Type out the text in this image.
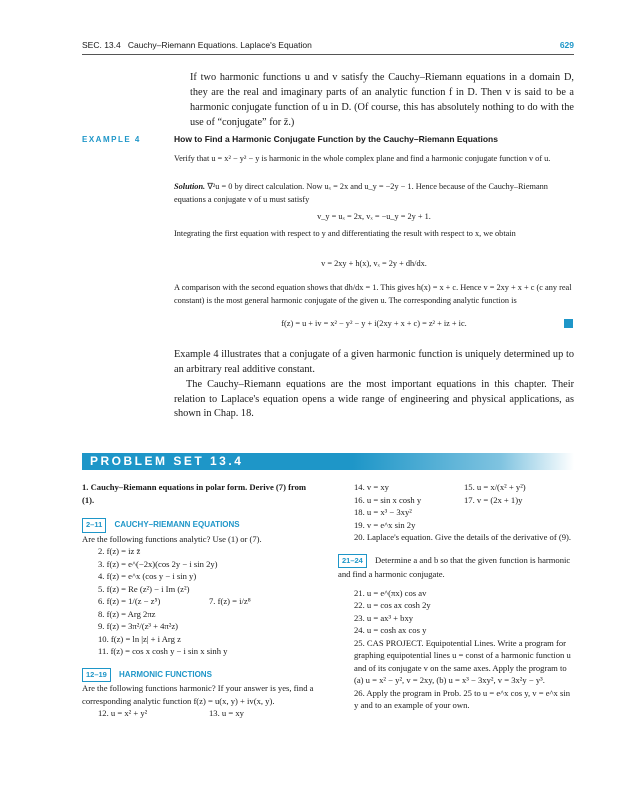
SEC. 13.4 Cauchy–Riemann Equations. Laplace's Equation	629
If two harmonic functions u and v satisfy the Cauchy–Riemann equations in a domain D, they are the real and imaginary parts of an analytic function f in D. Then v is said to be a harmonic conjugate function of u in D. (Of course, this has absolutely nothing to do with the use of “conjugate” for z̄.)
EXAMPLE 4	How to Find a Harmonic Conjugate Function by the Cauchy–Riemann Equations
Verify that u = x² − y² − y is harmonic in the whole complex plane and find a harmonic conjugate function v of u.
Solution. ∇²u = 0 by direct calculation. Now uₓ = 2x and u_y = −2y − 1. Hence because of the Cauchy–Riemann equations a conjugate v of u must satisfy
v_y = uₓ = 2x, vₓ = −u_y = 2y + 1.
Integrating the first equation with respect to y and differentiating the result with respect to x, we obtain
v = 2xy + h(x), vₓ = 2y + dh/dx.
A comparison with the second equation shows that dh/dx = 1. This gives h(x) = x + c. Hence v = 2xy + x + c (c any real constant) is the most general harmonic conjugate of the given u. The corresponding analytic function is
f(z) = u + iv = x² − y² − y + i(2xy + x + c) = z² + iz + ic.
Example 4 illustrates that a conjugate of a given harmonic function is uniquely determined up to an arbitrary real additive constant.
The Cauchy–Riemann equations are the most important equations in this chapter. Their relation to Laplace's equation opens a wide range of engineering and physical applications, as shown in Chap. 18.
PROBLEM SET 13.4
1. Cauchy–Riemann equations in polar form. Derive (7) from (1).
2–11 CAUCHY–RIEMANN EQUATIONS
Are the following functions analytic? Use (1) or (7).
2. f(z) = iz z̄
3. f(z) = e^(−2x)(cos 2y − i sin 2y)
4. f(z) = e^x (cos y − i sin y)
5. f(z) = Re (z²) − i Im (z²)
6. f(z) = 1/(z − z⁵)	7. f(z) = i/z⁸
8. f(z) = Arg 2πz
9. f(z) = 3π²/(z³ + 4π²z)
10. f(z) = ln |z| + i Arg z
11. f(z) = cos x cosh y − i sin x sinh y
12–19 HARMONIC FUNCTIONS
Are the following functions harmonic? If your answer is yes, find a corresponding analytic function f(z) = u(x, y) + iv(x, y).
12. u = x² + y²	13. u = xy
14. v = xy	15. u = x/(x² + y²)
16. u = sin x cosh y	17. v = (2x + 1)y
18. u = x³ − 3xy²
19. v = e^x sin 2y
20. Laplace's equation. Give the details of the derivative of (9).
21–24 Determine a and b so that the given function is harmonic and find a harmonic conjugate.
21. u = e^(πx) cos av
22. u = cos ax cosh 2y
23. u = ax³ + bxy
24. u = cosh ax cos y
25. CAS PROJECT. Equipotential Lines. Write a program for graphing equipotential lines u = const of a harmonic function u and of its conjugate v on the same axes. Apply the program to (a) u = x² − y², v = 2xy, (b) u = x³ − 3xy², v = 3x²y − y³.
26. Apply the program in Prob. 25 to u = e^x cos y, v = e^x sin y and to an example of your own.
